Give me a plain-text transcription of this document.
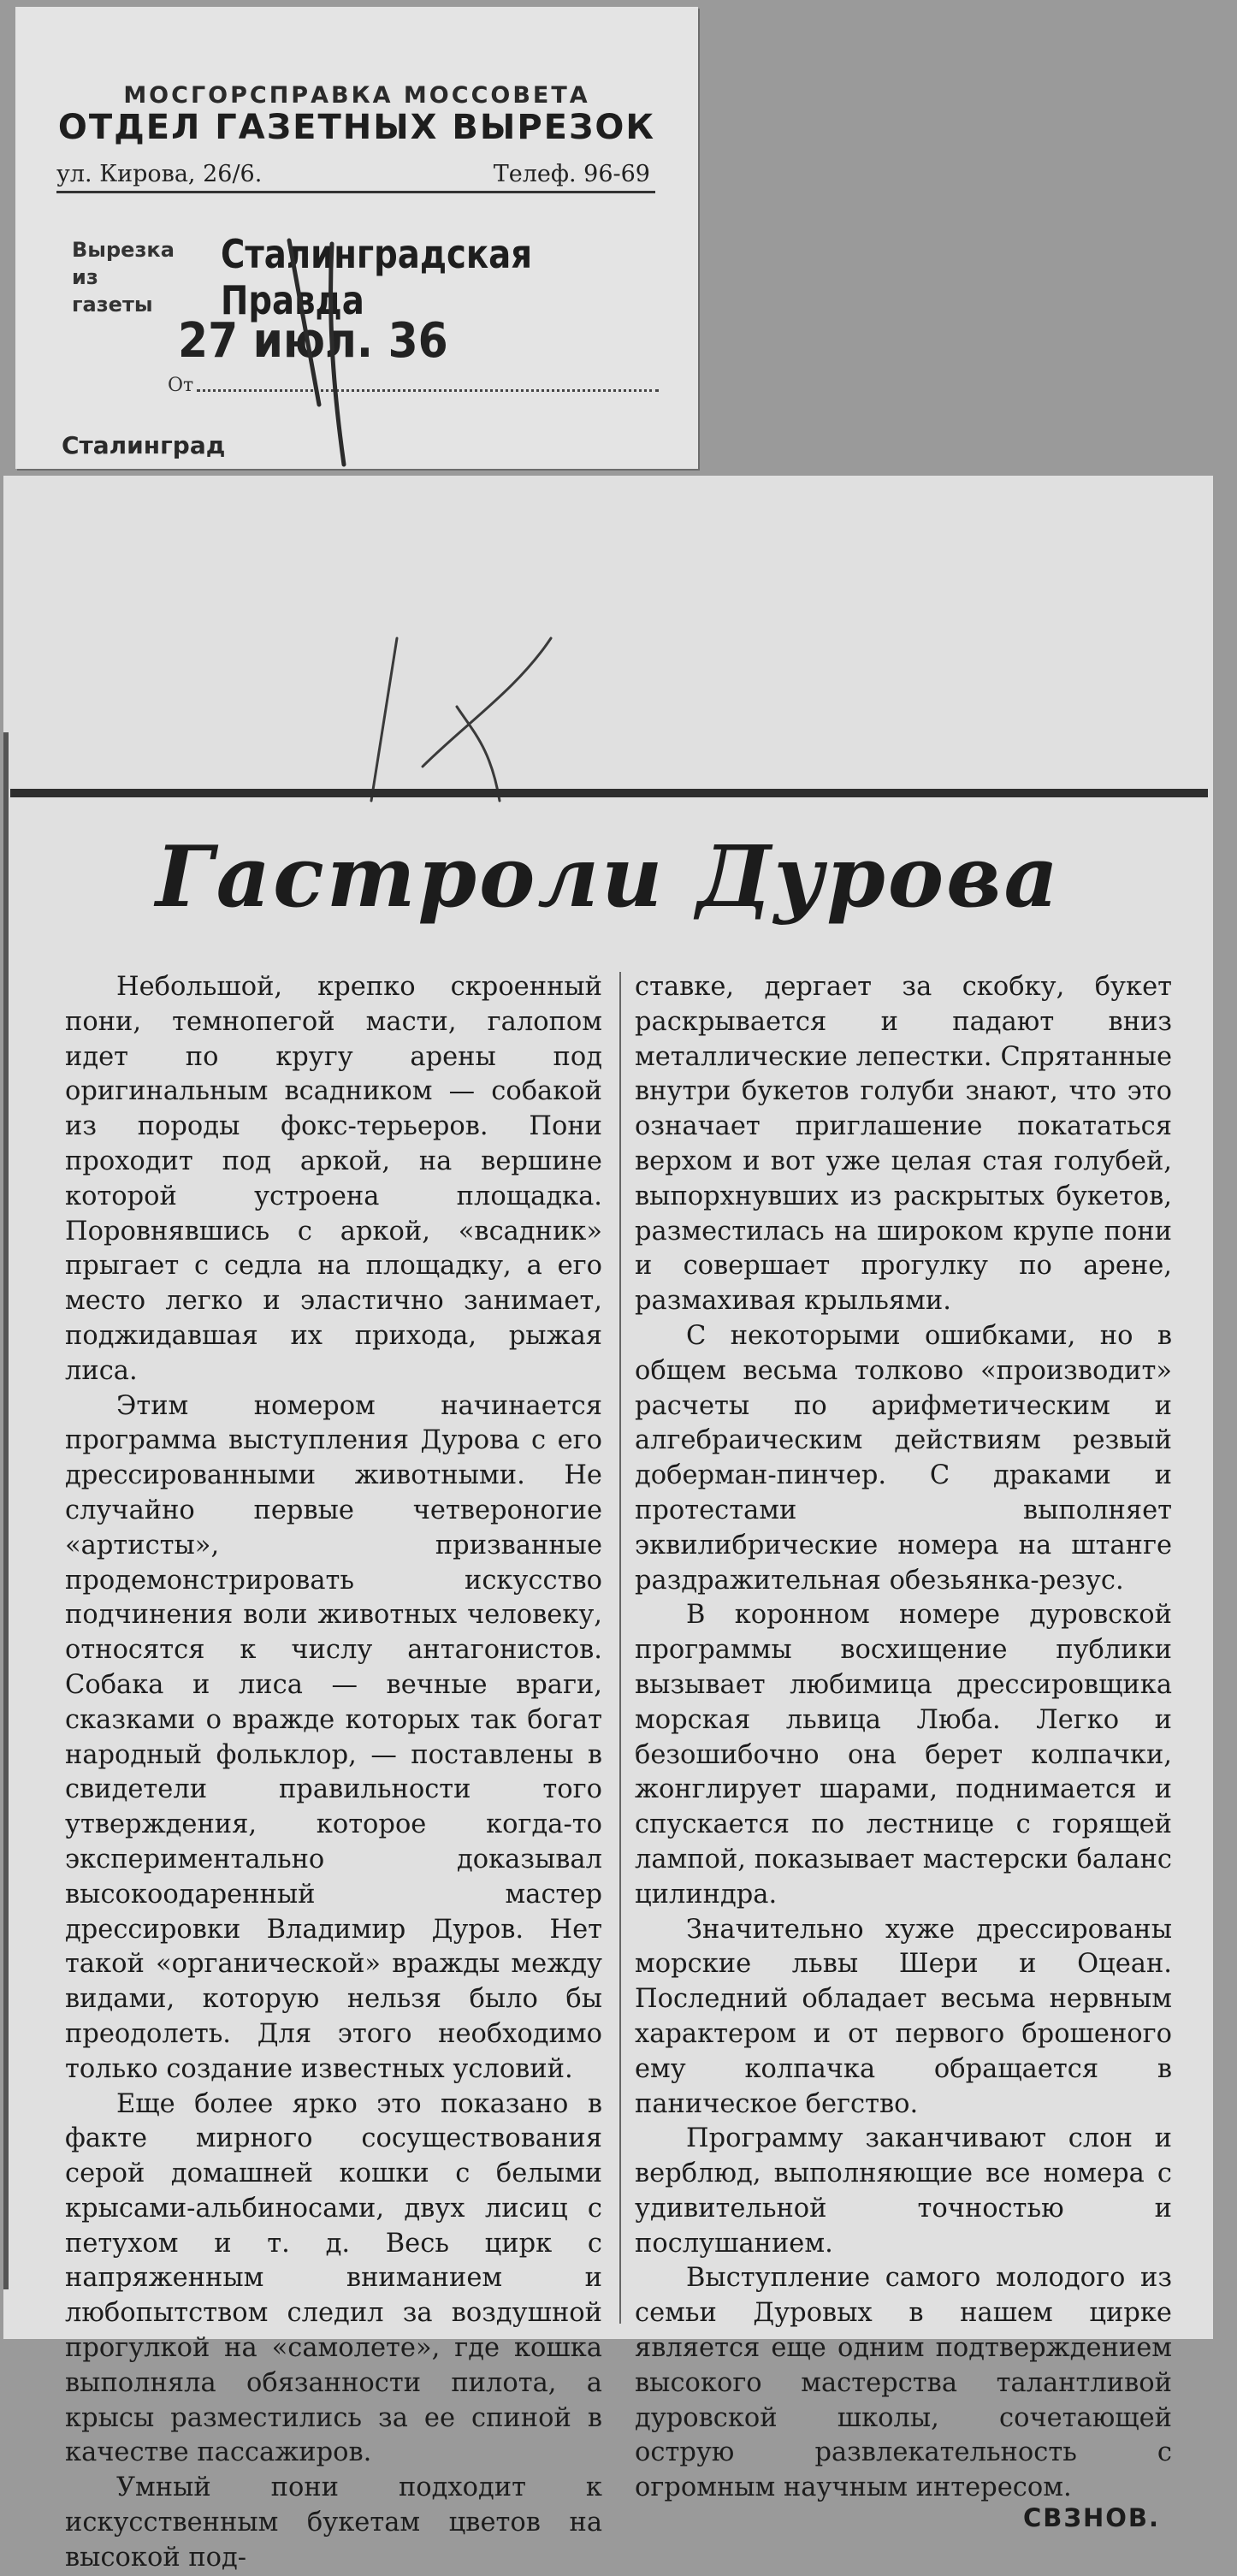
МОСГОРСПРАВКА МОССОВЕТА
ОТДЕЛ ГАЗЕТНЫХ ВЫРЕЗОК
ул. Кирова, 26/6.	Телеф. 96-69
Вырезка из газеты
Сталинградская Правда
27 июл. 36
От
Сталинград
Гастроли Дурова

Небольшой, крепко скроенный пони, темнопегой масти, галопом идет по кругу арены под оригинальным всадником — собакой из породы фокс-терьеров. Пони проходит под аркой, на вершине которой устроена площадка. Поровнявшись с аркой, «всадник» прыгает с седла на площадку, а его место легко и эластично занимает, поджидавшая их прихода, рыжая лиса.

Этим номером начинается программа выступления Дурова с его дрессированными животными. Не случайно первые четвероногие «артисты», призванные продемонстрировать искусство подчинения воли животных человеку, относятся к числу антагонистов. Собака и лиса — вечные враги, сказками о вражде которых так богат народный фольклор, — поставлены в свидетели правильности того утверждения, которое когда-то экспериментально доказывал высокоодаренный мастер дрессировки Владимир Дуров. Нет такой «органической» вражды между видами, которую нельзя было бы преодолеть. Для этого необходимо только создание известных условий.

Еще более ярко это показано в факте мирного сосуществования серой домашней кошки с белыми крысами-альбиносами, двух лисиц с петухом и т. д. Весь цирк с напряженным вниманием и любопытством следил за воздушной прогулкой на «самолете», где кошка выполняла обязанности пилота, а крысы разместились за ее спиной в качестве пассажиров.

Умный пони подходит к искусственным букетам цветов на высокой под-

ставке, дергает за скобку, букет раскрывается и падают вниз металлические лепестки. Спрятанные внутри букетов голуби знают, что это означает приглашение покататься верхом и вот уже целая стая голубей, выпорхнувших из раскрытых букетов, разместилась на широком крупе пони и совершает прогулку по арене, размахивая крыльями.

С некоторыми ошибками, но в общем весьма толково «производит» расчеты по арифметическим и алгебраическим действиям резвый доберман-пинчер. С драками и протестами выполняет эквилибрические номера на штанге раздражительная обезьянка-резус.

В коронном номере дуровской программы восхищение публики вызывает любимица дрессировщика морская львица Люба. Легко и безошибочно она берет колпачки, жонглирует шарами, поднимается и спускается по лестнице с горящей лампой, показывает мастерски баланс цилиндра.

Значительно хуже дрессированы морские львы Шери и Оцеан. Последний обладает весьма нервным характером и от первого брошеного ему колпачка обращается в паническое бегство.

Программу заканчивают слон и верблюд, выполняющие все номера с удивительной точностью и послушанием.

Выступление самого молодого из семьи Дуровых в нашем цирке является еще одним подтверждением высокого мастерства талантливой дуровской школы, сочетающей острую развлекательность с огромным научным интересом.

СВЗНОВ.
